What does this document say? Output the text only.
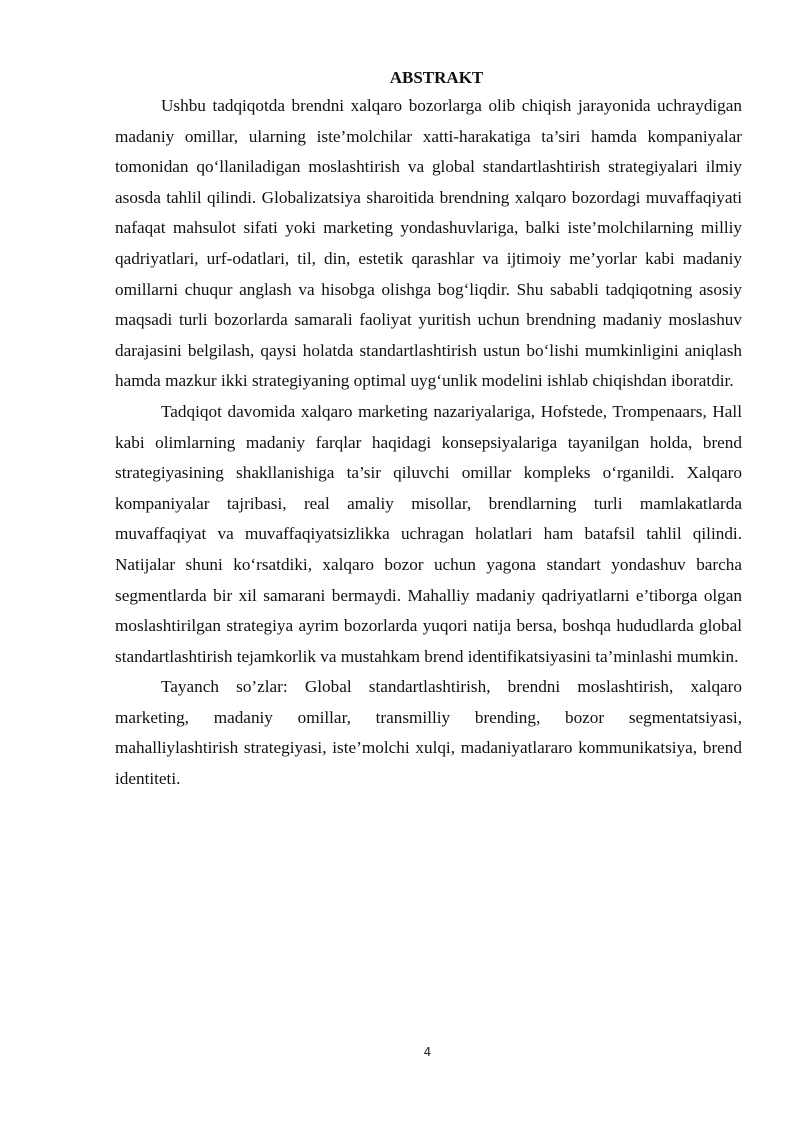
ABSTRAKT

Ushbu tadqiqotda brendni xalqaro bozorlarga olib chiqish jarayonida uchraydigan madaniy omillar, ularning iste’molchilar xatti-harakatiga ta’siri hamda kompaniyalar tomonidan qo‘llaniladigan moslashtirish va global standartlashtirish strategiyalari ilmiy asosda tahlil qilindi. Globalizatsiya sharoitida brendning xalqaro bozordagi muvaffaqiyati nafaqat mahsulot sifati yoki marketing yondashuvlariga, balki iste’molchilarning milliy qadriyatlari, urf-odatlari, til, din, estetik qarashlar va ijtimoiy me’yorlar kabi madaniy omillarni chuqur anglash va hisobga olishga bog‘liqdir. Shu sababli tadqiqotning asosiy maqsadi turli bozorlarda samarali faoliyat yuritish uchun brendning madaniy moslashuv darajasini belgilash, qaysi holatda standartlashtirish ustun bo‘lishi mumkinligini aniqlash hamda mazkur ikki strategiyaning optimal uyg‘unlik modelini ishlab chiqishdan iboratdir.

Tadqiqot davomida xalqaro marketing nazariyalariga, Hofstede, Trompenaars, Hall kabi olimlarning madaniy farqlar haqidagi konsepsiyalariga tayanilgan holda, brend strategiyasining shakllanishiga ta’sir qiluvchi omillar kompleks o‘rganildi. Xalqaro kompaniyalar tajribasi, real amaliy misollar, brendlarning turli mamlakatlarda muvaffaqiyat va muvaffaqiyatsizlikka uchragan holatlari ham batafsil tahlil qilindi. Natijalar shuni ko‘rsatdiki, xalqaro bozor uchun yagona standart yondashuv barcha segmentlarda bir xil samarani bermaydi. Mahalliy madaniy qadriyatlarni e’tiborga olgan moslashtirilgan strategiya ayrim bozorlarda yuqori natija bersa, boshqa hududlarda global standartlashtirish tejamkorlik va mustahkam brend identifikatsiyasini ta’minlashi mumkin.

Tayanch so’zlar: Global standartlashtirish, brendni moslashtirish, xalqaro marketing, madaniy omillar, transmilliy brending, bozor segmentatsiyasi, mahalliylashtirish strategiyasi, iste’molchi xulqi, madaniyatlararo kommunikatsiya, brend identiteti.

4
